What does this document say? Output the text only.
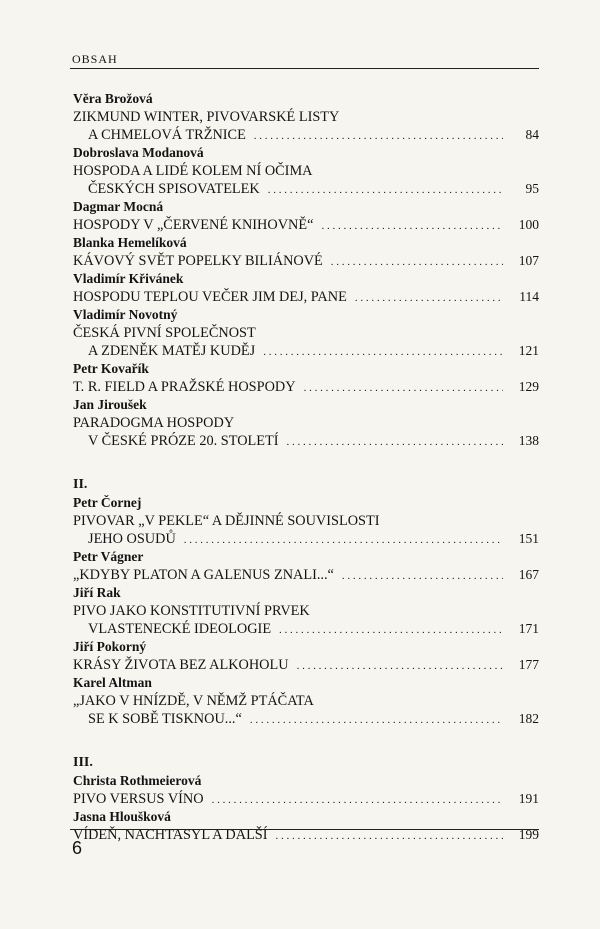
OBSAH
Věra Brožová
ZIKMUND WINTER, PIVOVARSKÉ LISTY
A CHMELOVÁ TRŽNICE . . .	84
Dobroslava Modanová
HOSPODA A LIDÉ KOLEM NÍ OČIMA
ČESKÝCH SPISOVATELEK . . .	95
Dagmar Mocná
HOSPODY V „ČERVENÉ KNIHOVNĚ“ . . .	100
Blanka Hemelíková
KÁVOVÝ SVĚT POPELKY BILIÁNOVÉ . . .	107
Vladimír Křivánek
HOSPODU TEPLOU VEČER JIM DEJ, PANE . . .	114
Vladimír Novotný
ČESKÁ PIVNÍ SPOLEČNOST
A ZDENĚK MATĚJ KUDĚJ . . .	121
Petr Kovařík
T. R. FIELD A PRAŽSKÉ HOSPODY . . .	129
Jan Jiroušek
PARADOGMA HOSPODY
V ČESKÉ PRÓZE 20. STOLETÍ . . .	138
II.
Petr Čornej
PIVOVAR „V PEKLE“ A DĚJINNÉ SOUVISLOSTI
JEHO OSUDŮ . . .	151
Petr Vágner
„KDYBY PLATON A GALENUS ZNALI...“ . . .	167
Jiří Rak
PIVO JAKO KONSTITUTIVNÍ PRVEK
VLASTENECKÉ IDEOLOGIE . . .	171
Jiří Pokorný
KRÁSY ŽIVOTA BEZ ALKOHOLU . . .	177
Karel Altman
„JAKO V HNÍZDĚ, V NĚMŽ PTÁČATA
SE K SOBĚ TISKNOU...“ . . .	182
III.
Christa Rothmeierová
PIVO VERSUS VÍNO . . .	191
Jasna Hloušková
VÍDEŇ, NACHTASYL A DALŠÍ . . .	199
6
